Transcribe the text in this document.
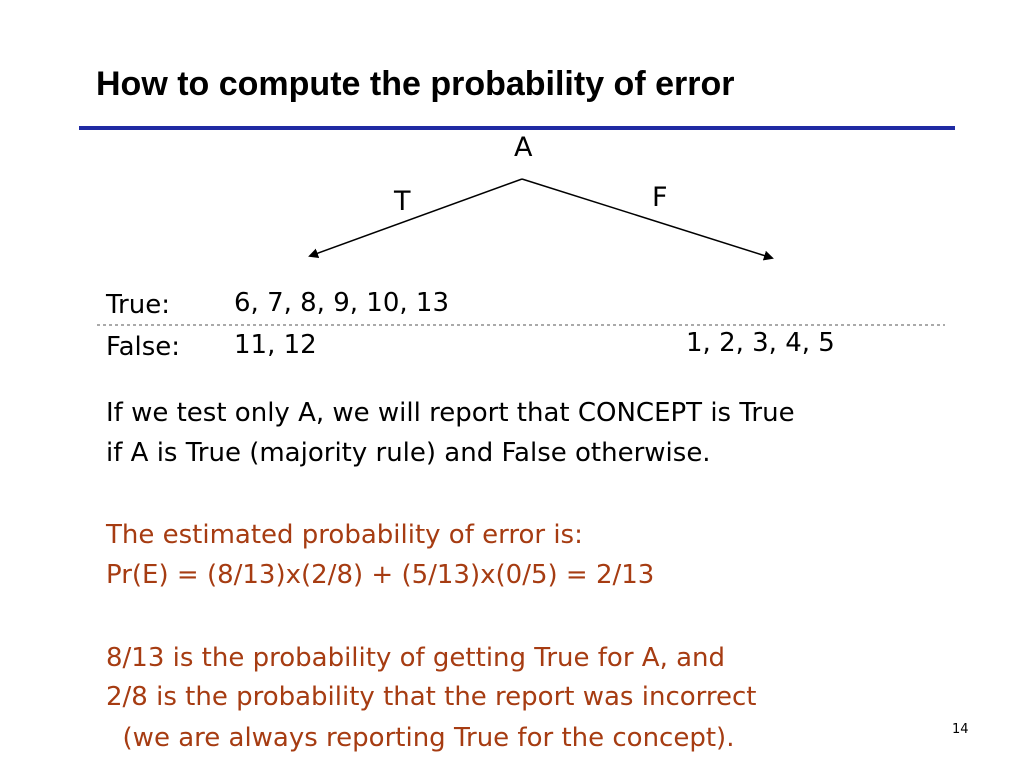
How to compute the probability of error
A
T	F
True: 6, 7, 8, 9, 10, 13
False: 11, 12	1, 2, 3, 4, 5
If we test only A, we will report that CONCEPT is True
if A is True (majority rule) and False otherwise.
The estimated probability of error is:
Pr(E) = (8/13)x(2/8) + (5/13)x(0/5) = 2/13
8/13 is the probability of getting True for A, and
2/8 is the probability that the report was incorrect
(we are always reporting True for the concept).	14
